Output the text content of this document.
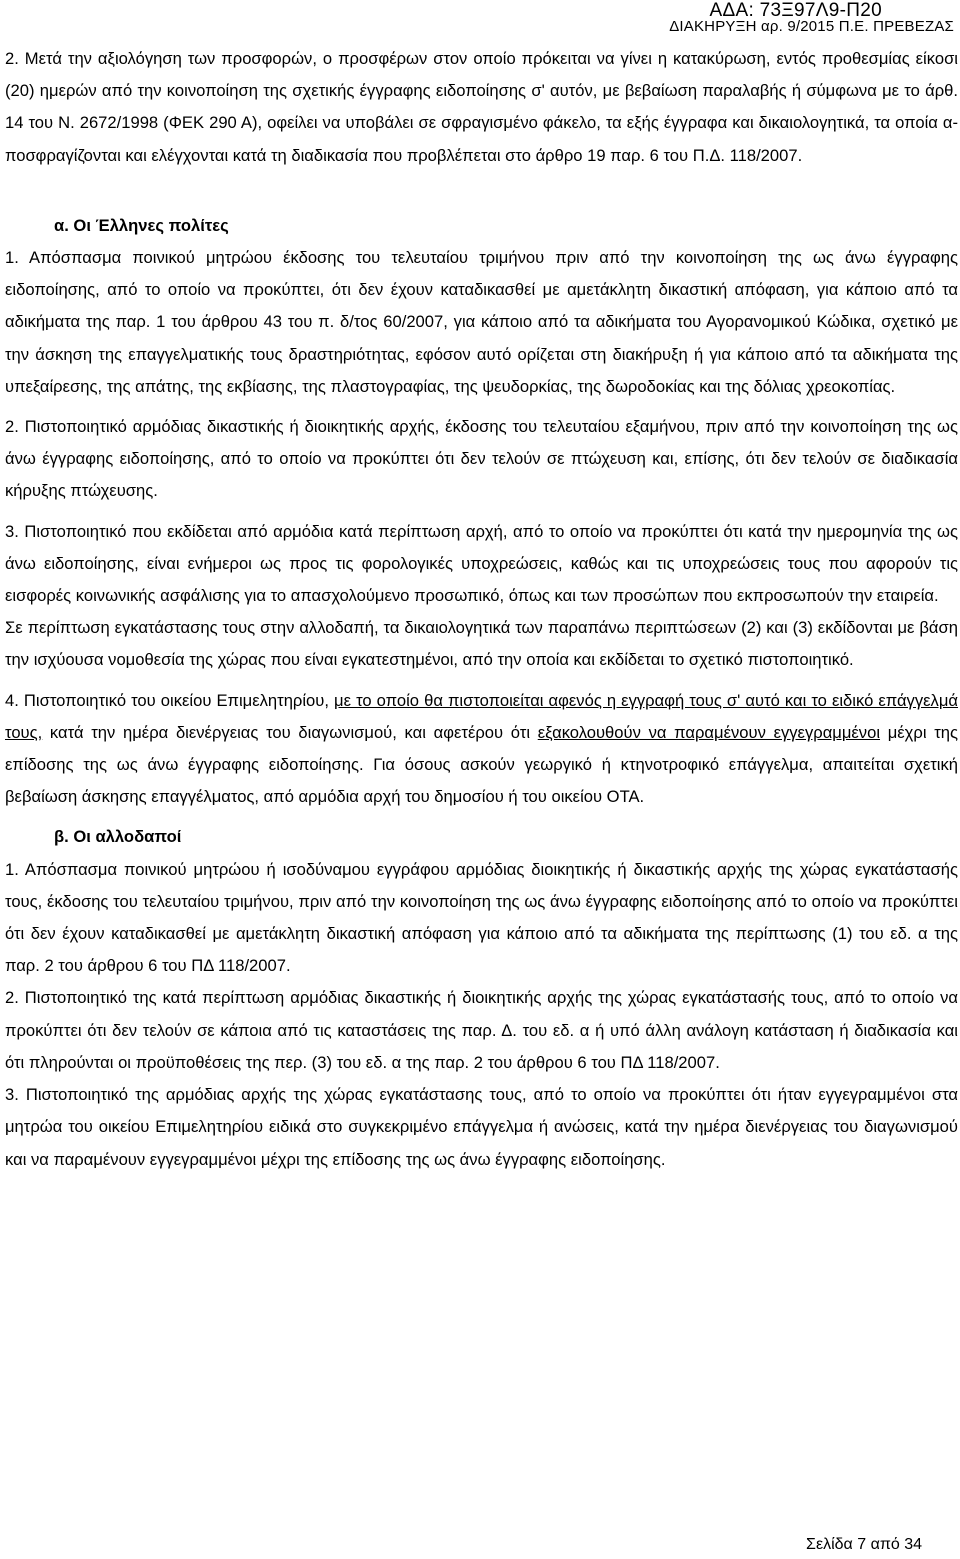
ΑΔΑ: 73Ξ97Λ9-Π20
ΔΙΑΚΗΡΥΞΗ αρ. 9/2015 Π.Ε. ΠΡΕΒΕΖΑΣ

2. Μετά την αξιολόγηση των προσφορών, ο προσφέρων στον οποίο πρόκειται να γίνει η κατακύρωση, εντός προθεσμίας είκοσι (20) ημερών από την κοινοποίηση της σχετικής έγγραφης ειδοποίησης σ' αυτόν, με βεβαίωση παραλαβής ή σύμφωνα με το άρθ. 14 του Ν. 2672/1998 (ΦΕΚ 290 Α), οφείλει να υποβάλει σε σφραγισμένο φάκελο, τα εξής έγγραφα και δικαιολογητικά, τα οποία αποσφραγίζονται και ελέγχονται κατά τη διαδικασία που προβλέπεται στο άρθρο 19 παρ. 6 του Π.Δ. 118/2007.

α. Οι Έλληνες πολίτες

1. Απόσπασμα ποινικού μητρώου έκδοσης του τελευταίου τριμήνου πριν από την κοινοποίηση της ως άνω έγγραφης ειδοποίησης, από το οποίο να προκύπτει, ότι δεν έχουν καταδικασθεί με αμετάκλητη δικαστική απόφαση, για κάποιο από τα αδικήματα της παρ. 1 του άρθρου 43 του π. δ/τος 60/2007, για κάποιο από τα αδικήματα του Αγορανομικού Κώδικα, σχετικό με την άσκηση της επαγγελματικής τους δραστηριότητας, εφόσον αυτό ορίζεται στη διακήρυξη ή για κάποιο από τα αδικήματα της υπεξαίρεσης, της απάτης, της εκβίασης, της πλαστογραφίας, της ψευδορκίας, της δωροδοκίας και της δόλιας χρεοκοπίας.

2. Πιστοποιητικό αρμόδιας δικαστικής ή διοικητικής αρχής, έκδοσης του τελευταίου εξαμήνου, πριν από την κοινοποίηση της ως άνω έγγραφης ειδοποίησης, από το οποίο να προκύπτει ότι δεν τελούν σε πτώχευση και, επίσης, ότι δεν τελούν σε διαδικασία κήρυξης πτώχευσης.

3. Πιστοποιητικό που εκδίδεται από αρμόδια κατά περίπτωση αρχή, από το οποίο να προκύπτει ότι κατά την ημερομηνία της ως άνω ειδοποίησης, είναι ενήμεροι ως προς τις φορολογικές υποχρεώσεις, καθώς και τις υποχρεώσεις τους που αφορούν τις εισφορές κοινωνικής ασφάλισης για το απασχολούμενο προσωπικό, όπως και των προσώπων που εκπροσωπούν την εταιρεία.

Σε περίπτωση εγκατάστασης τους στην αλλοδαπή, τα δικαιολογητικά των παραπάνω περιπτώσεων (2) και (3) εκδίδονται με βάση την ισχύουσα νομοθεσία της χώρας που είναι εγκατεστημένοι, από την οποία και εκδίδεται το σχετικό πιστοποιητικό.

4. Πιστοποιητικό του οικείου Επιμελητηρίου, με το οποίο θα πιστοποιείται αφενός η εγγραφή τους σ' αυτό και το ειδικό επάγγελμά τους, κατά την ημέρα διενέργειας του διαγωνισμού, και αφετέρου ότι εξακολουθούν να παραμένουν εγγεγραμμένοι μέχρι της επίδοσης της ως άνω έγγραφης ειδοποίησης. Για όσους ασκούν γεωργικό ή κτηνοτροφικό επάγγελμα, απαιτείται σχετική βεβαίωση άσκησης επαγγέλματος, από αρμόδια αρχή του δημοσίου ή του οικείου ΟΤΑ.

β. Οι αλλοδαποί

1. Απόσπασμα ποινικού μητρώου ή ισοδύναμου εγγράφου αρμόδιας διοικητικής ή δικαστικής αρχής της χώρας εγκατάστασής τους, έκδοσης του τελευταίου τριμήνου, πριν από την κοινοποίηση της ως άνω έγγραφης ειδοποίησης από το οποίο να προκύπτει ότι δεν έχουν καταδικασθεί με αμετάκλητη δικαστική απόφαση για κάποιο από τα αδικήματα της περίπτωσης (1) του εδ. α της παρ. 2 του άρθρου 6 του ΠΔ 118/2007.

2. Πιστοποιητικό της κατά περίπτωση αρμόδιας δικαστικής ή διοικητικής αρχής της χώρας εγκατάστασής τους, από το οποίο να προκύπτει ότι δεν τελούν σε κάποια από τις καταστάσεις της παρ. Δ. του εδ. α ή υπό άλλη ανάλογη κατάσταση ή διαδικασία και ότι πληρούνται οι προϋποθέσεις της περ. (3) του εδ. α της παρ. 2 του άρθρου 6 του ΠΔ 118/2007.

3. Πιστοποιητικό της αρμόδιας αρχής της χώρας εγκατάστασης τους, από το οποίο να προκύπτει ότι ήταν εγγεγραμμένοι στα μητρώα του οικείου Επιμελητηρίου ειδικά στο συγκεκριμένο επάγγελμα ή ανώσεις, κατά την ημέρα διενέργειας του διαγωνισμού και να παραμένουν εγγεγραμμένοι μέχρι της επίδοσης της ως άνω έγγραφης ειδοποίησης.

Σελίδα 7 από 34
